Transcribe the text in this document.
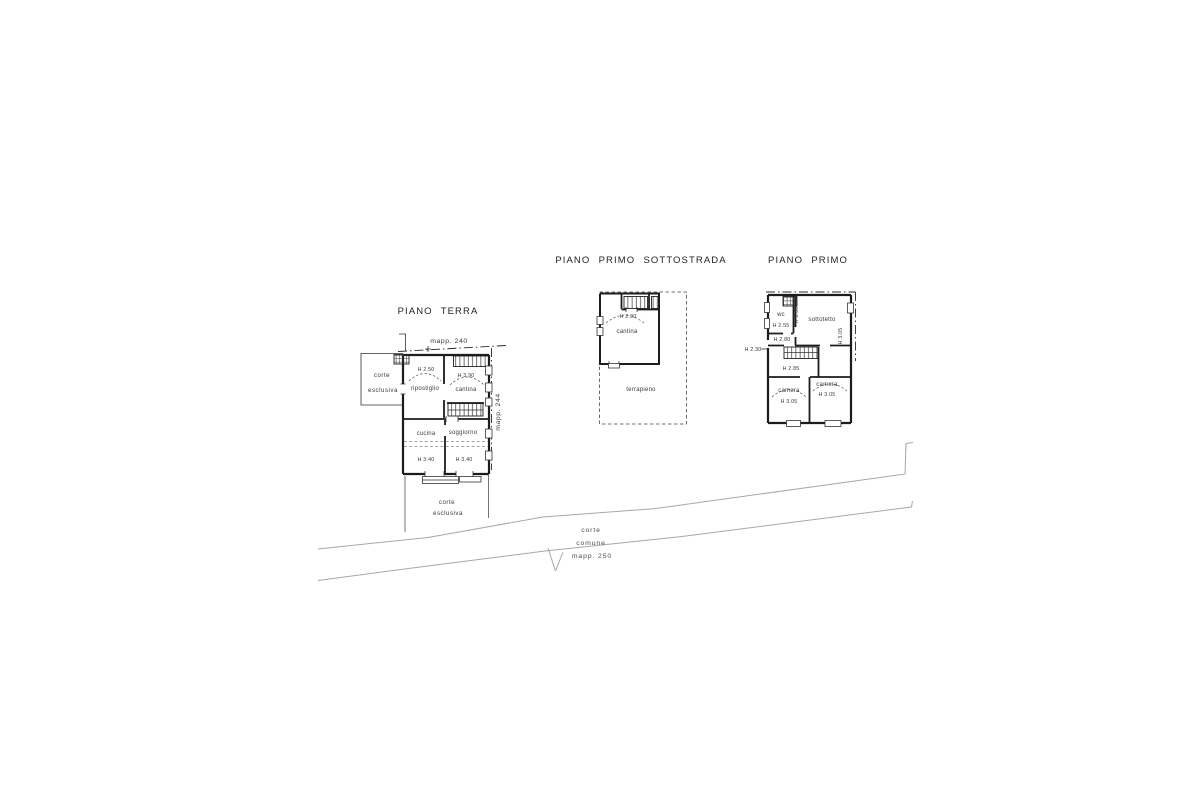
PIANO TERRA
mapp. 240
mapp. 244
corte
esclusiva
corte
esclusiva
H 2.50
ripostiglio
H 3.90
cantina
cucina soggiorno
H 3.40	H 3.40
PIANO PRIMO SOTTOSTRADA
H 2.90
cantina
terrapieno
PIANO PRIMO
wc
H 2.55
H 2.80
H 2.30
H 3.30 sottotetto
H 3.05
H 2.85
camera
H 3.05
camera
H 3.05
corte
comune
mapp. 250
